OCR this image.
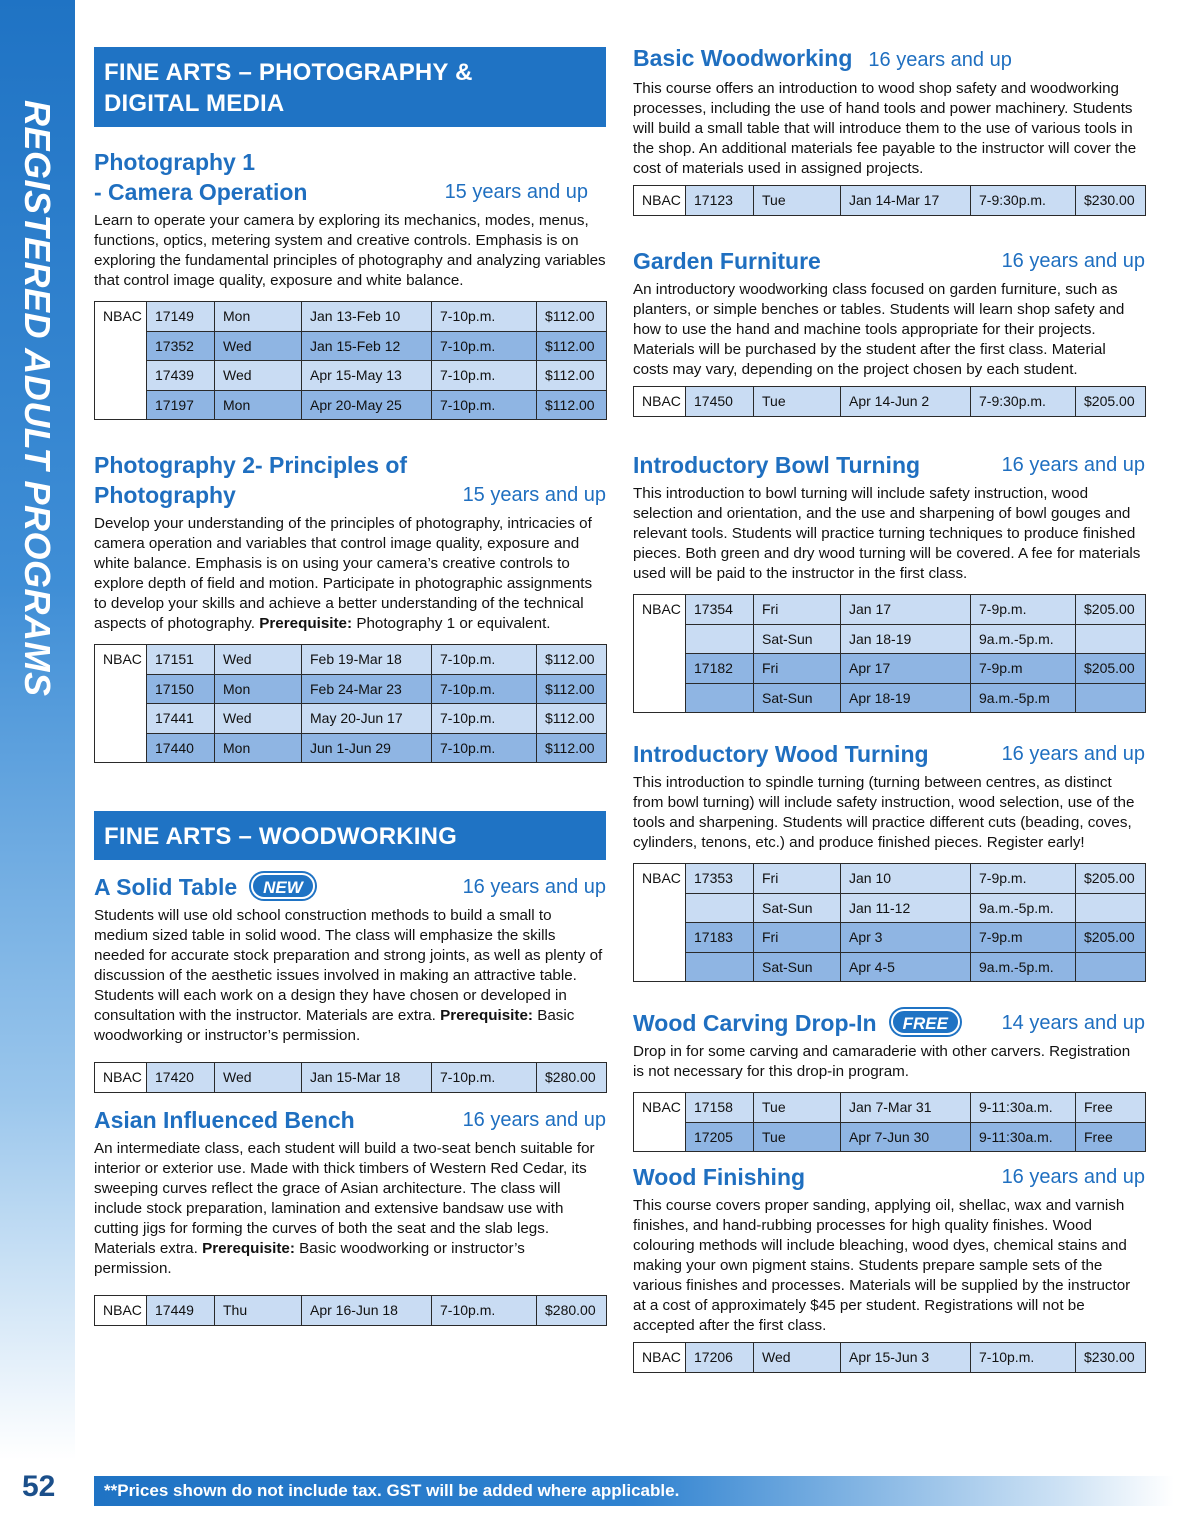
REGISTERED ADULT PROGRAMS
52
FINE ARTS – PHOTOGRAPHY &
DIGITAL MEDIA
Photography 1
- Camera Operation	15 years and up

Learn to operate your camera by exploring its mechanics, modes, menus, functions, optics, metering system and creative controls. Emphasis is on exploring the fundamental principles of photography and analyzing variables that control image quality, exposure and white balance.

NBAC	17149	Mon	Jan 13-Feb 10	7-10p.m.	$112.00
	17352	Wed	Jan 15-Feb 12	7-10p.m.	$112.00
	17439	Wed	Apr 15-May 13	7-10p.m.	$112.00
	17197	Mon	Apr 20-May 25	7-10p.m.	$112.00
Photography 2- Principles of
Photography	15 years and up

Develop your understanding of the principles of photography, intricacies of camera operation and variables that control image quality, exposure and white balance. Emphasis is on using your camera’s creative controls to explore depth of field and motion. Participate in photographic assignments to develop your skills and achieve a better understanding of the technical aspects of photography. Prerequisite: Photography 1 or equivalent.

NBAC	17151	Wed	Feb 19-Mar 18	7-10p.m.	$112.00
	17150	Mon	Feb 24-Mar 23	7-10p.m.	$112.00
	17441	Wed	May 20-Jun 17	7-10p.m.	$112.00
	17440	Mon	Jun 1-Jun 29	7-10p.m.	$112.00
FINE ARTS – WOODWORKING
A Solid Table NEW	16 years and up

Students will use old school construction methods to build a small to medium sized table in solid wood. The class will emphasize the skills needed for accurate stock preparation and strong joints, as well as plenty of discussion of the aesthetic issues involved in making an attractive table. Students will each work on a design they have chosen or developed in consultation with the instructor. Materials are extra. Prerequisite: Basic woodworking or instructor’s permission.

NBAC	17420	Wed	Jan 15-Mar 18	7-10p.m.	$280.00
Asian Influenced Bench	16 years and up

An intermediate class, each student will build a two-seat bench suitable for interior or exterior use. Made with thick timbers of Western Red Cedar, its sweeping curves reflect the grace of Asian architecture. The class will include stock preparation, lamination and extensive bandsaw use with cutting jigs for forming the curves of both the seat and the slab legs. Materials extra. Prerequisite: Basic woodworking or instructor’s permission.

NBAC	17449	Thu	Apr 16-Jun 18	7-10p.m.	$280.00
Basic Woodworking 16 years and up

This course offers an introduction to wood shop safety and woodworking processes, including the use of hand tools and power machinery. Students will build a small table that will introduce them to the use of various tools in the shop. An additional materials fee payable to the instructor will cover the cost of materials used in assigned projects.

NBAC	17123	Tue	Jan 14-Mar 17	7-9:30p.m.	$230.00
Garden Furniture	16 years and up

An introductory woodworking class focused on garden furniture, such as planters, or simple benches or tables. Students will learn shop safety and how to use the hand and machine tools appropriate for their projects. Materials will be purchased by the student after the first class. Material costs may vary, depending on the project chosen by each student.

NBAC	17450	Tue	Apr 14-Jun 2	7-9:30p.m.	$205.00
Introductory Bowl Turning	16 years and up

This introduction to bowl turning will include safety instruction, wood selection and orientation, and the use and sharpening of bowl gouges and relevant tools. Students will practice turning techniques to produce finished pieces. Both green and dry wood turning will be covered. A fee for materials used will be paid to the instructor in the first class.

NBAC	17354	Fri	Jan 17	7-9p.m.	$205.00
		Sat-Sun	Jan 18-19	9a.m.-5p.m.	
	17182	Fri	Apr 17	7-9p.m	$205.00
		Sat-Sun	Apr 18-19	9a.m.-5p.m	
Introductory Wood Turning	16 years and up

This introduction to spindle turning (turning between centres, as distinct from bowl turning) will include safety instruction, wood selection, use of the tools and sharpening. Students will practice different cuts (beading, coves, cylinders, tenons, etc.) and produce finished pieces. Register early!

NBAC	17353	Fri	Jan 10	7-9p.m.	$205.00
		Sat-Sun	Jan 11-12	9a.m.-5p.m.	
	17183	Fri	Apr 3	7-9p.m	$205.00
		Sat-Sun	Apr 4-5	9a.m.-5p.m.	
Wood Carving Drop-In FREE	14 years and up

Drop in for some carving and camaraderie with other carvers. Registration is not necessary for this drop-in program.

NBAC	17158	Tue	Jan 7-Mar 31	9-11:30a.m.	Free
	17205	Tue	Apr 7-Jun 30	9-11:30a.m.	Free
Wood Finishing	16 years and up

This course covers proper sanding, applying oil, shellac, wax and varnish finishes, and hand-rubbing processes for high quality finishes. Wood colouring methods will include bleaching, wood dyes, chemical stains and making your own pigment stains. Students prepare sample sets of the various finishes and processes. Materials will be supplied by the instructor at a cost of approximately $45 per student. Registrations will not be accepted after the first class.

NBAC	17206	Wed	Apr 15-Jun 3	7-10p.m.	$230.00
**Prices shown do not include tax. GST will be added where applicable.
